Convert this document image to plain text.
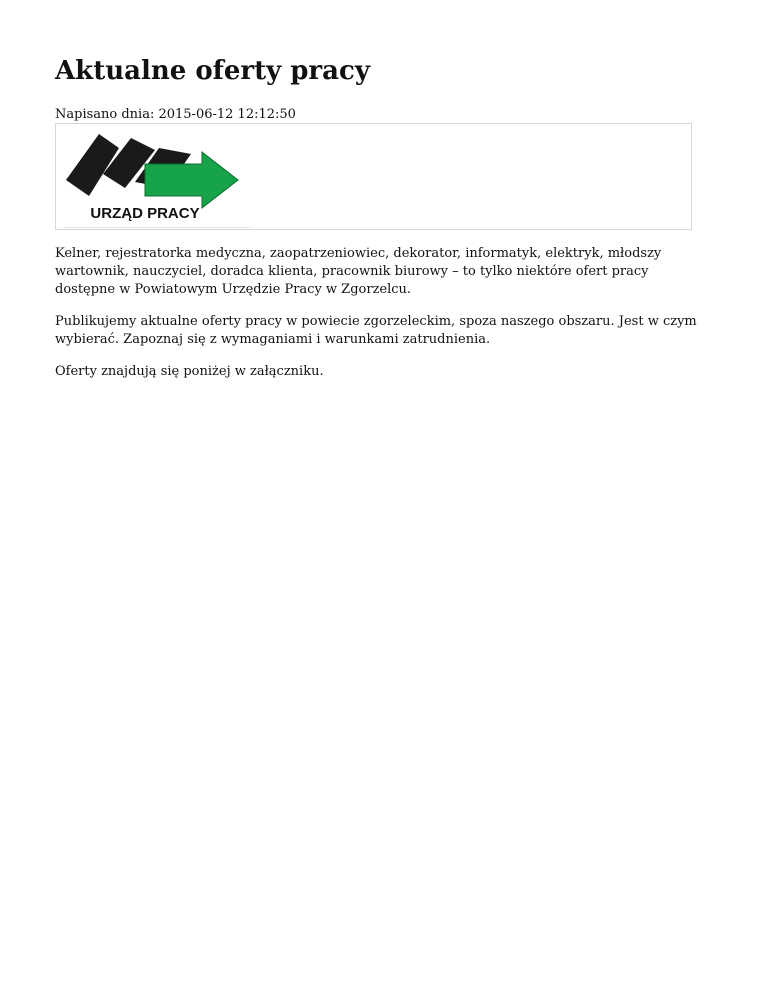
Aktualne oferty pracy
Napisano dnia: 2015-06-12 12:12:50
URZĄD PRACY

Kelner, rejestratorka medyczna, zaopatrzeniowiec, dekorator, informatyk, elektryk, młodszy wartownik, nauczyciel, doradca klienta, pracownik biurowy – to tylko niektóre ofert pracy dostępne w Powiatowym Urzędzie Pracy w Zgorzelcu.

Publikujemy aktualne oferty pracy w powiecie zgorzeleckim, spoza naszego obszaru. Jest w czym wybierać. Zapoznaj się z wymaganiami i warunkami zatrudnienia.

Oferty znajdują się poniżej w załączniku.
